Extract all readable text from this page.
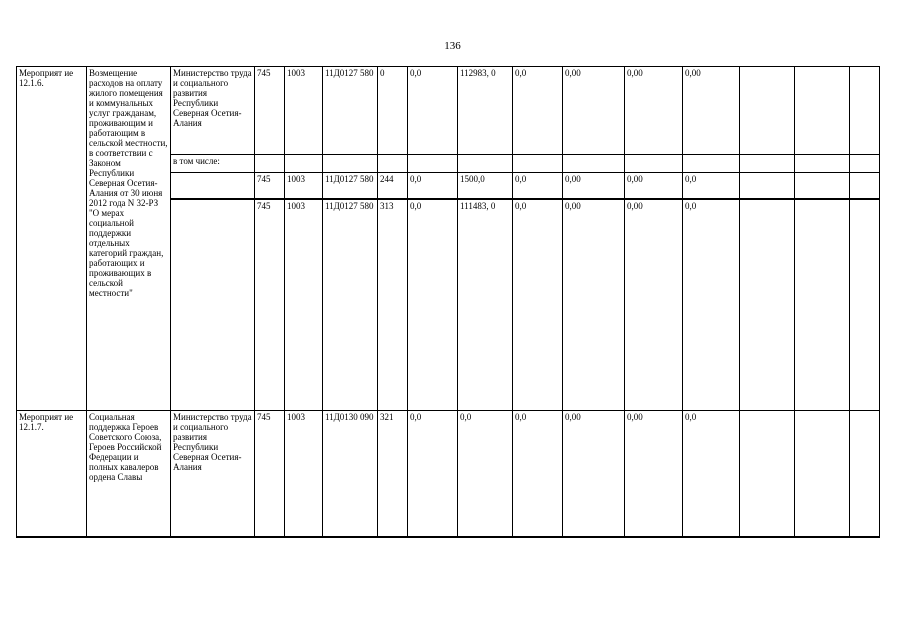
136
Мероприят ие 12.1.6.	Возмещение расходов на оплату жилого помещения и коммунальных услуг гражданам, проживающим и работающим в сельской местности, в соответствии с Законом Республики Северная Осетия-Алания от 30 июня 2012 года N 32-РЗ "О мерах социальной поддержки отдельных категорий граждан, работающих и проживающих в сельской местности"	Министерство труда и социального развития Республики Северная Осетия-Алания	745	1003	11Д0127 580	0	0,0	112983, 0	0,0	0,00	0,00	0,00			
		в том числе:													
			745	1003	11Д0127 580	244	0,0	1500,0	0,0	0,00	0,00	0,0			
			745	1003	11Д0127 580	313	0,0	111483, 0	0,0	0,00	0,00	0,0			
Мероприят ие 12.1.7.	Социальная поддержка Героев Советского Союза, Героев Российской Федерации и полных кавалеров ордена Славы	Министерство труда и социального развития Республики Северная Осетия-Алания	745	1003	11Д0130 090	321	0,0	0,0	0,0	0,00	0,00	0,0			
